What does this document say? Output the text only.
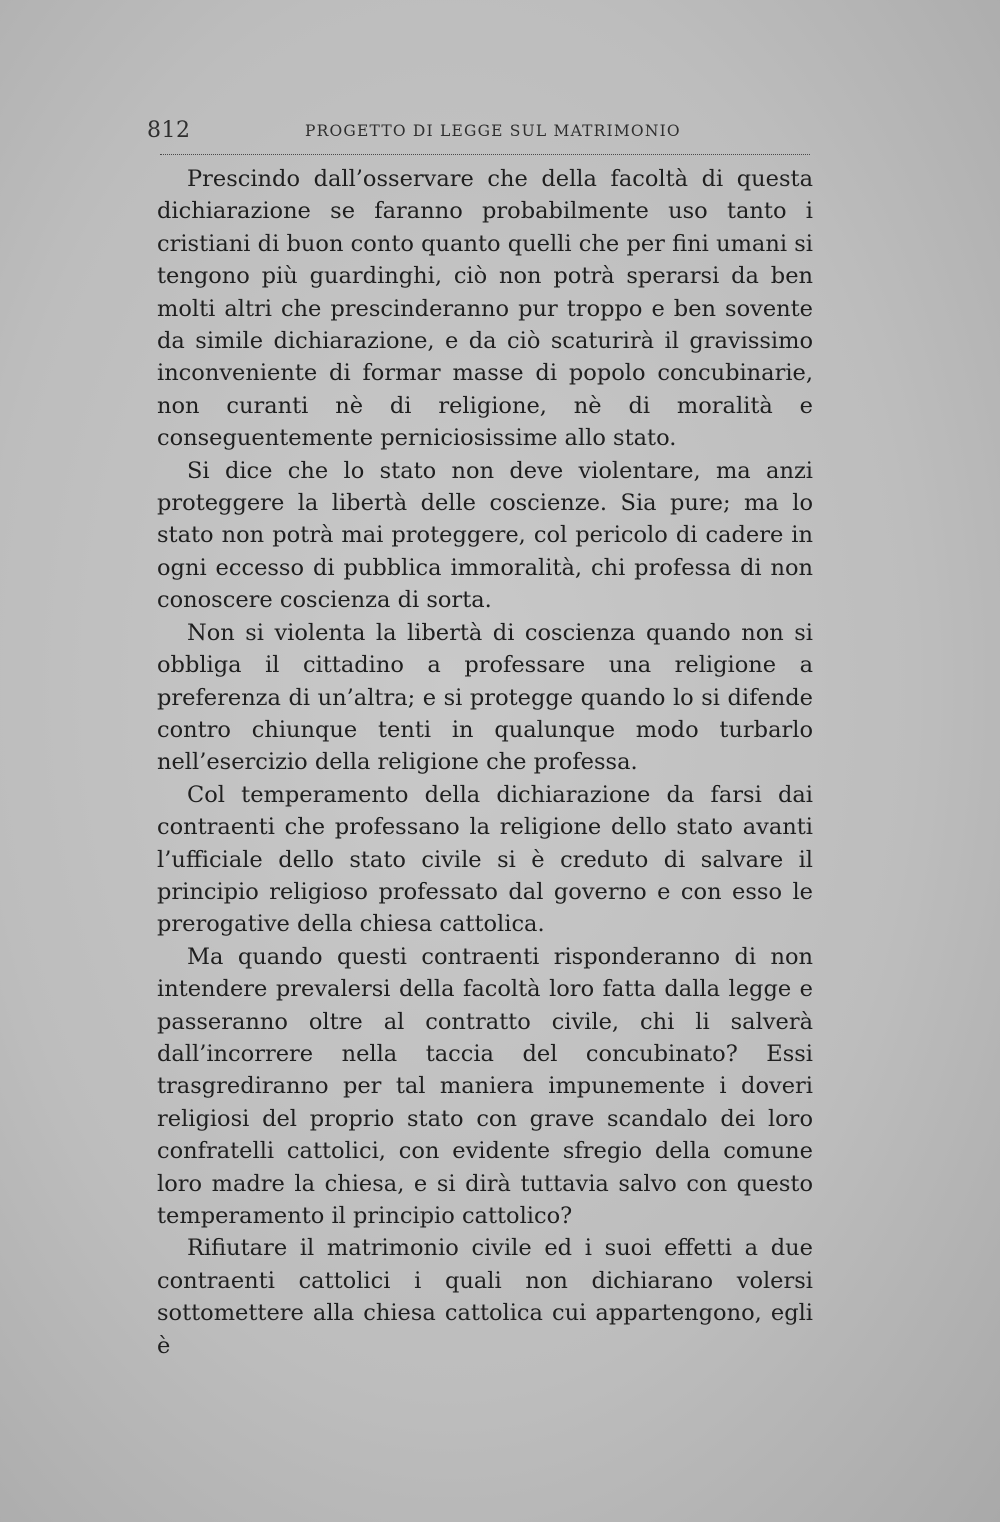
812	PROGETTO DI LEGGE SUL MATRIMONIO

Prescindo dall’osservare che della facoltà di questa dichiarazione se faranno probabilmente uso tanto i cristiani di buon conto quanto quelli che per fini umani si tengono più guardinghi, ciò non potrà sperarsi da ben molti altri che prescinderanno pur troppo e ben sovente da simile dichiarazione, e da ciò scaturirà il gravissimo inconveniente di formar masse di popolo concubinarie, non curanti nè di religione, nè di moralità e conseguentemente perniciosissime allo stato.

Si dice che lo stato non deve violentare, ma anzi proteggere la libertà delle coscienze. Sia pure; ma lo stato non potrà mai proteggere, col pericolo di cadere in ogni eccesso di pubblica immoralità, chi professa di non conoscere coscienza di sorta.

Non si violenta la libertà di coscienza quando non si obbliga il cittadino a professare una religione a preferenza di un’altra; e si protegge quando lo si difende contro chiunque tenti in qualunque modo turbarlo nell’esercizio della religione che professa.

Col temperamento della dichiarazione da farsi dai contraenti che professano la religione dello stato avanti l’ufficiale dello stato civile si è creduto di salvare il principio religioso professato dal governo e con esso le prerogative della chiesa cattolica.

Ma quando questi contraenti risponderanno di non intendere prevalersi della facoltà loro fatta dalla legge e passeranno oltre al contratto civile, chi li salverà dall’incorrere nella taccia del concubinato? Essi trasgrediranno per tal maniera impunemente i doveri religiosi del proprio stato con grave scandalo dei loro confratelli cattolici, con evidente sfregio della comune loro madre la chiesa, e si dirà tuttavia salvo con questo temperamento il principio cattolico?

Rifiutare il matrimonio civile ed i suoi effetti a due contraenti cattolici i quali non dichiarano volersi sottomettere alla chiesa cattolica cui appartengono, egli è
